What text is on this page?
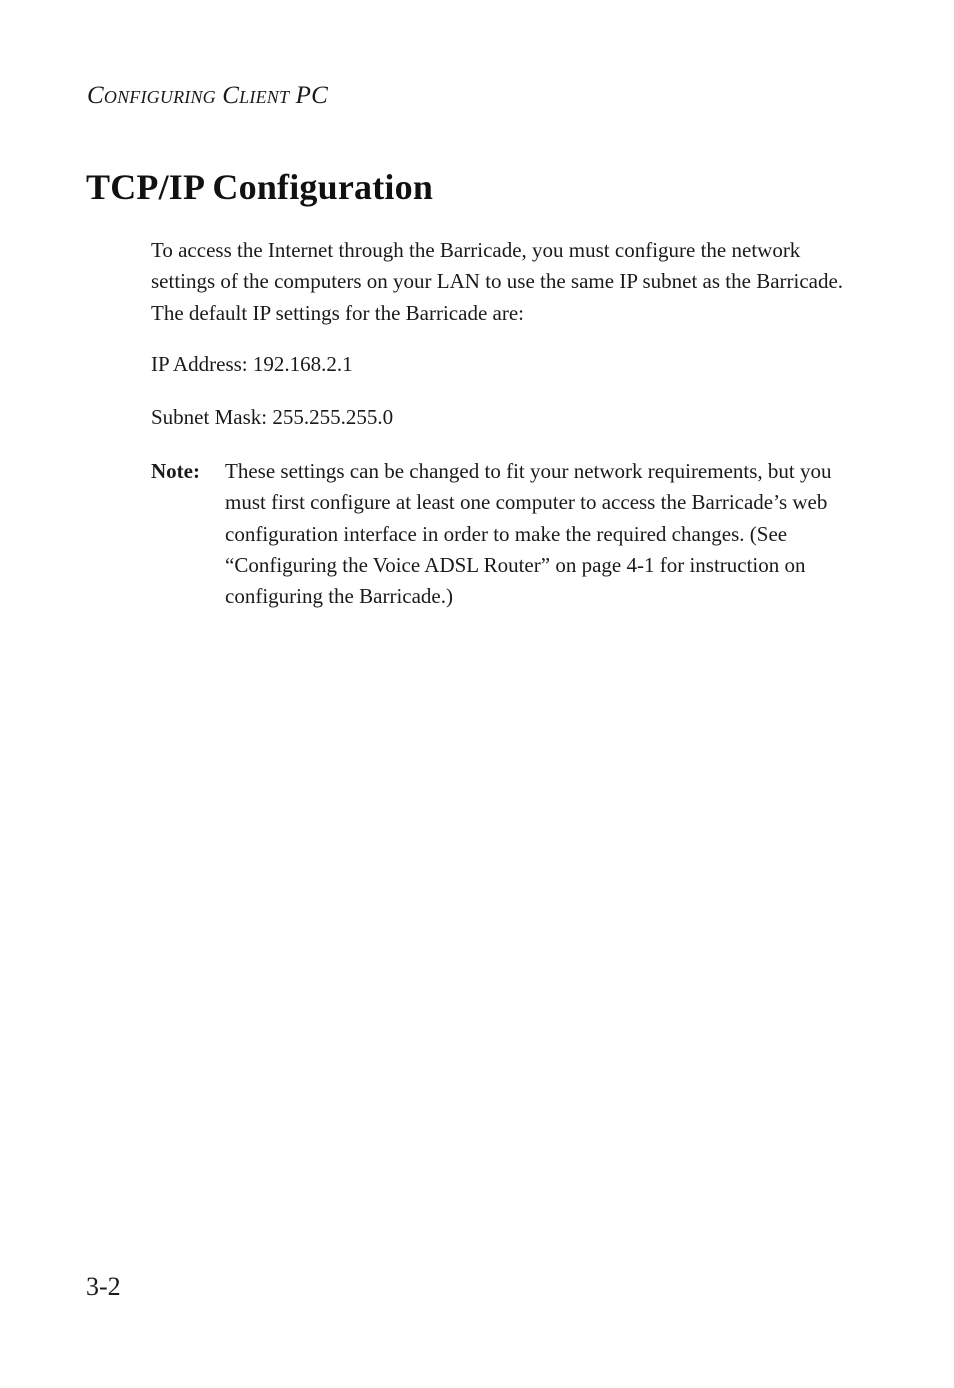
Configuring Client PC
TCP/IP Configuration

To access the Internet through the Barricade, you must configure the network settings of the computers on your LAN to use the same IP subnet as the Barricade. The default IP settings for the Barricade are:

IP Address: 192.168.2.1

Subnet Mask: 255.255.255.0

Note: These settings can be changed to fit your network requirements, but you must first configure at least one computer to access the Barricade’s web configuration interface in order to make the required changes. (See “Configuring the Voice ADSL Router” on page 4-1 for instruction on configuring the Barricade.)

3-2
